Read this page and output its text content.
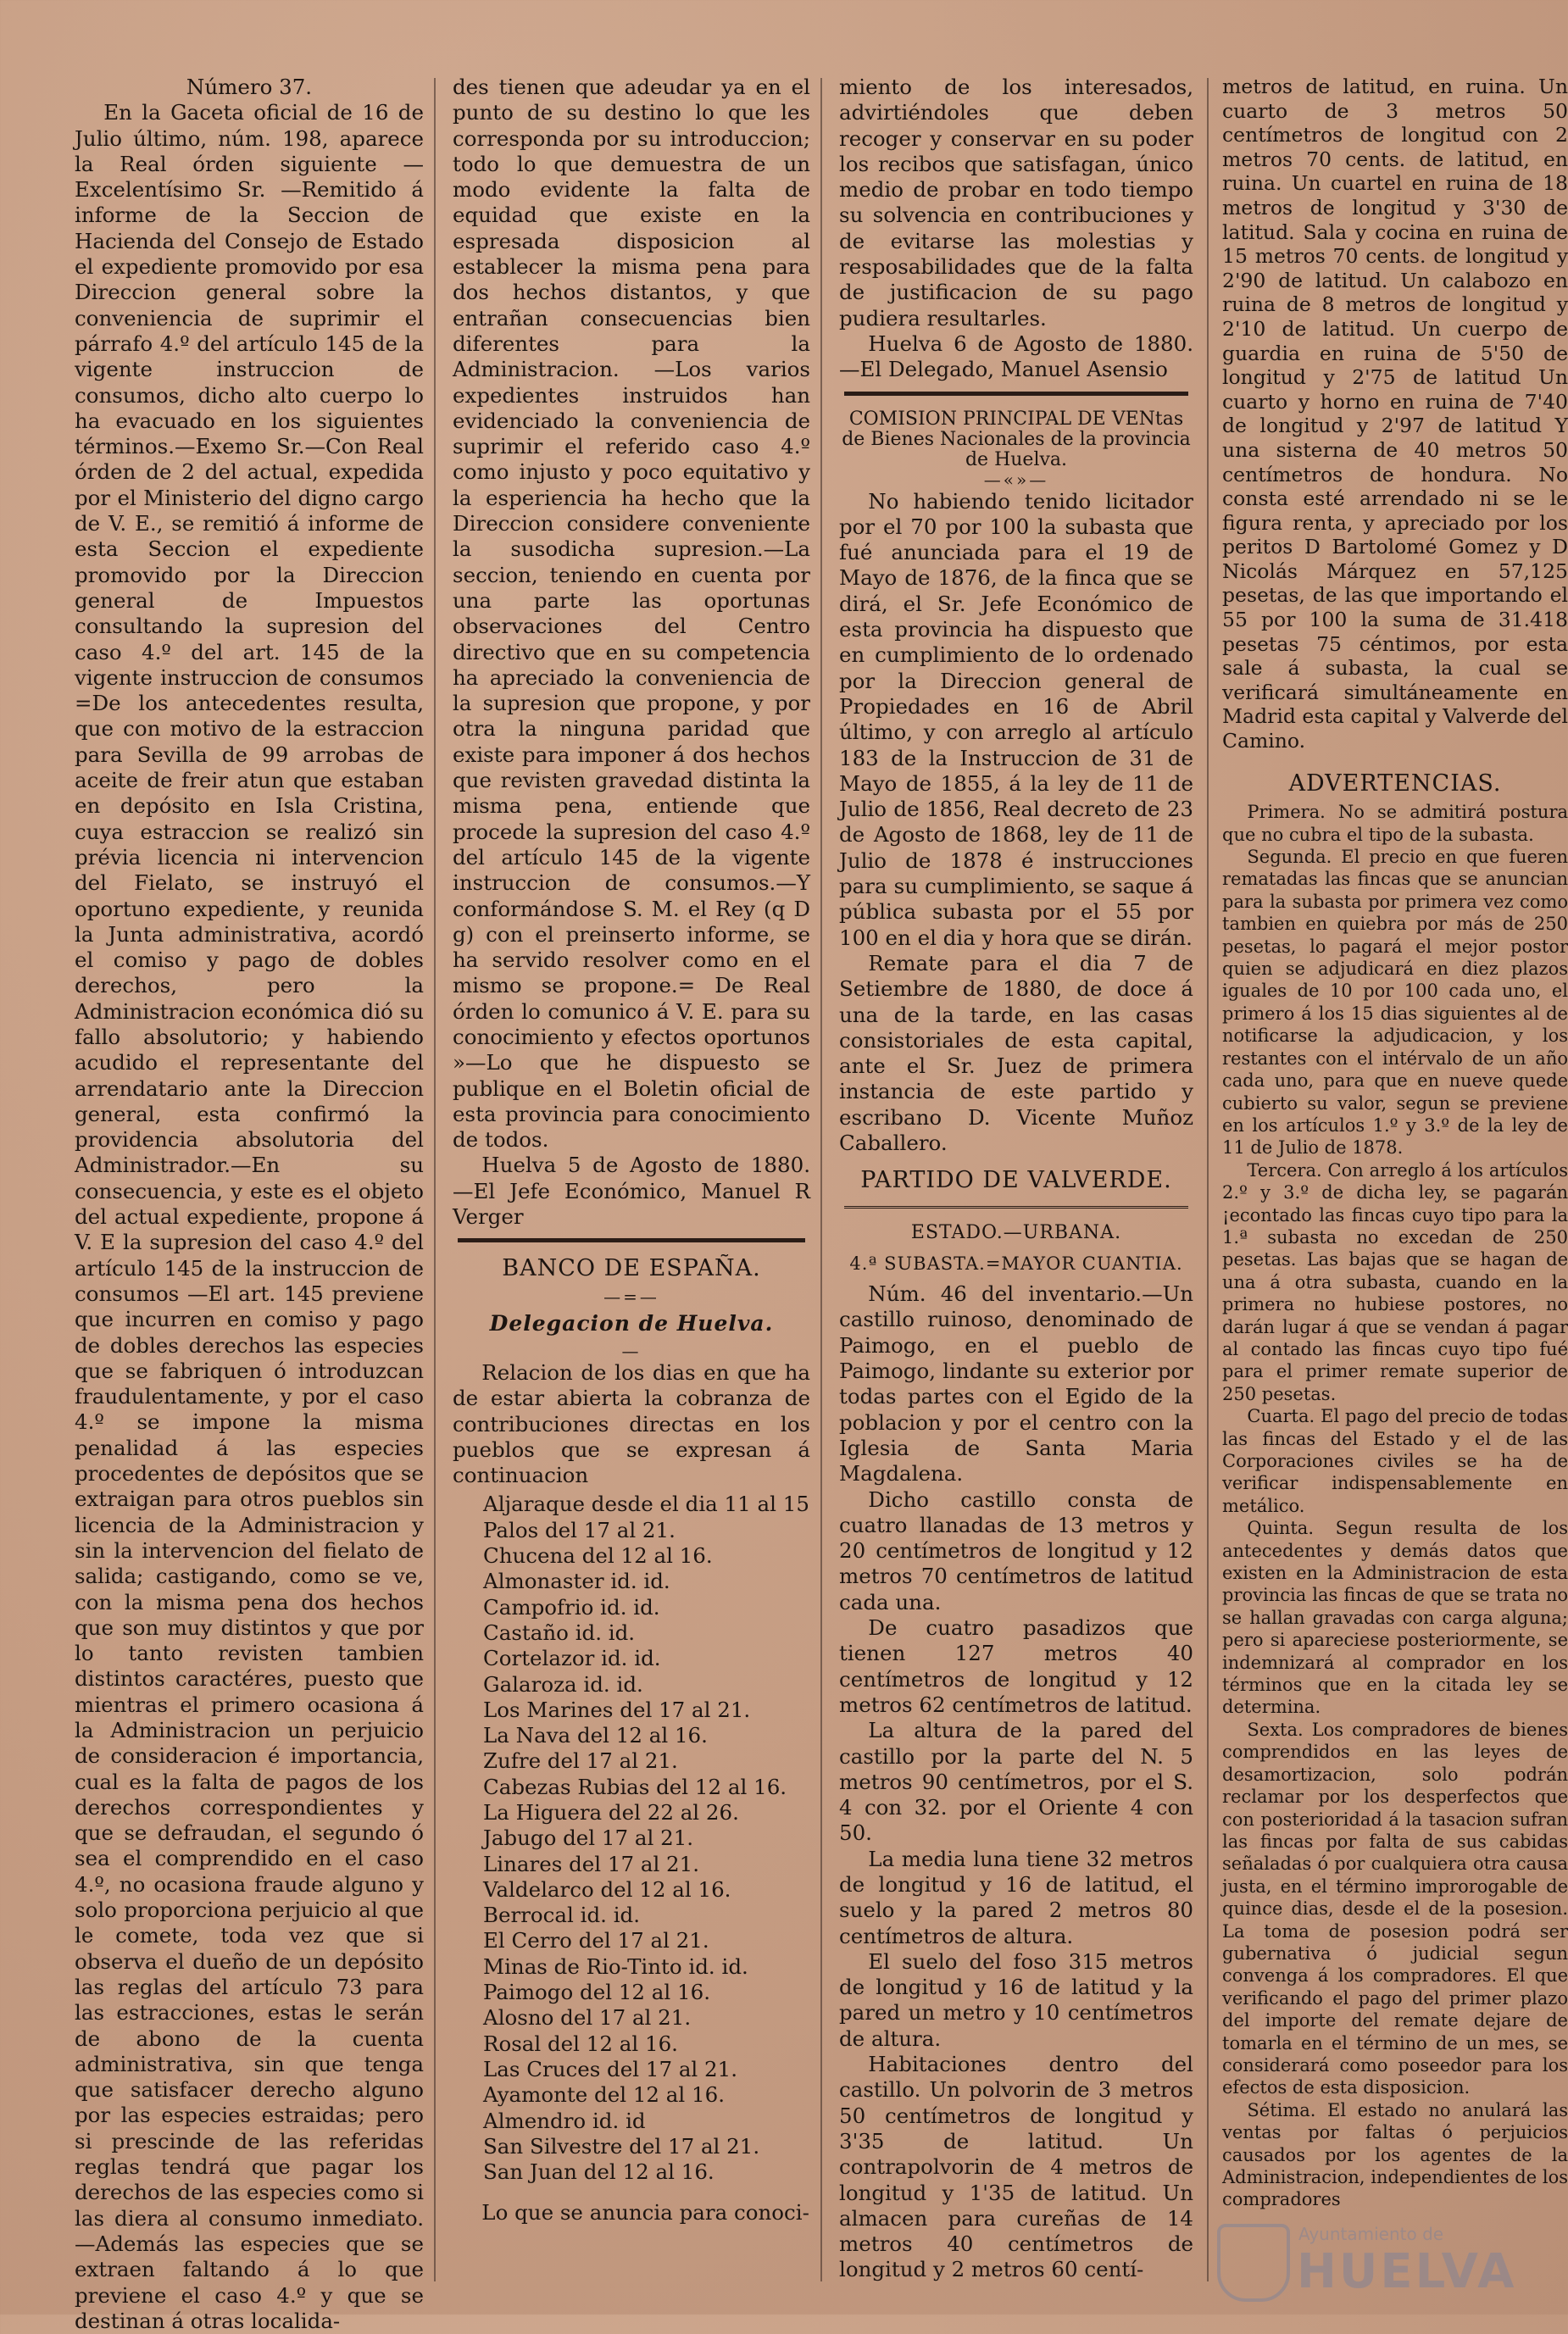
Número 37.

En la Gaceta oficial de 16 de Julio último, núm. 198, aparece la Real órden siguiente —Excelentísimo Sr. —Remitido á informe de la Seccion de Hacienda del Consejo de Estado el expediente promovido por esa Direccion general sobre la conveniencia de suprimir el párrafo 4.º del artículo 145 de la vigente instruccion de consumos, dicho alto cuerpo lo ha evacuado en los siguientes términos.—Exemo Sr.—Con Real órden de 2 del actual, expedida por el Ministerio del digno cargo de V. E., se remitió á informe de esta Seccion el expediente promovido por la Direccion general de Impuestos consultando la supresion del caso 4.º del art. 145 de la vigente instruccion de consumos =De los antecedentes resulta, que con motivo de la estraccion para Sevilla de 99 arrobas de aceite de freir atun que estaban en depósito en Isla Cristina, cuya estraccion se realizó sin prévia licencia ni intervencion del Fielato, se instruyó el oportuno expediente, y reunida la Junta administrativa, acordó el comiso y pago de dobles derechos, pero la Administracion económica dió su fallo absolutorio; y habiendo acudido el representante del arrendatario ante la Direccion general, esta confirmó la providencia absolutoria del Administrador.—En su consecuencia, y este es el objeto del actual expediente, propone á V. E la supresion del caso 4.º del artículo 145 de la instruccion de consumos —El art. 145 previene que incurren en comiso y pago de dobles derechos las especies que se fabriquen ó introduzcan fraudulentamente, y por el caso 4.º se impone la misma penalidad á las especies procedentes de depósitos que se extraigan para otros pueblos sin licencia de la Administracion y sin la intervencion del fielato de salida; castigando, como se ve, con la misma pena dos hechos que son muy distintos y que por lo tanto revisten tambien distintos caractéres, puesto que mientras el primero ocasiona á la Administracion un perjuicio de consideracion é importancia, cual es la falta de pagos de los derechos correspondientes y que se defraudan, el segundo ó sea el comprendido en el caso 4.º, no ocasiona fraude alguno y solo proporciona perjuicio al que le comete, toda vez que si observa el dueño de un depósito las reglas del artículo 73 para las estracciones, estas le serán de abono de la cuenta administrativa, sin que tenga que satisfacer derecho alguno por las especies estraidas; pero si prescinde de las referidas reglas tendrá que pagar los derechos de las especies como si las diera al consumo inmediato.—Además las especies que se extraen faltando á lo que previene el caso 4.º y que se destinan á otras localida-

des tienen que adeudar ya en el punto de su destino lo que les corresponda por su introduccion; todo lo que demuestra de un modo evidente la falta de equidad que existe en la espresada disposicion al establecer la misma pena para dos hechos distantos, y que entrañan consecuencias bien diferentes para la Administracion. —Los varios expedientes instruidos han evidenciado la conveniencia de suprimir el referido caso 4.º como injusto y poco equitativo y la esperiencia ha hecho que la Direccion considere conveniente la susodicha supresion.—La seccion, teniendo en cuenta por una parte las oportunas observaciones del Centro directivo que en su competencia ha apreciado la conveniencia de la supresion que propone, y por otra la ninguna paridad que existe para imponer á dos hechos que revisten gravedad distinta la misma pena, entiende que procede la supresion del caso 4.º del artículo 145 de la vigente instruccion de consumos.—Y conformándose S. M. el Rey (q D g) con el preinserto informe, se ha servido resolver como en el mismo se propone.= De Real órden lo comunico á V. E. para su conocimiento y efectos oportunos »—Lo que he dispuesto se publique en el Boletin oficial de esta provincia para conocimiento de todos.

Huelva 5 de Agosto de 1880. —El Jefe Económico, Manuel R Verger

BANCO DE ESPAÑA.

—=—

Delegacion de Huelva.

—

Relacion de los dias en que ha de estar abierta la cobranza de contribuciones directas en los pueblos que se expresan á continuacion

Aljaraque desde el dia 11 al 15
Palos del 17 al 21.
Chucena del 12 al 16.
Almonaster id. id.
Campofrio id. id.
Castaño id. id.
Cortelazor id. id.
Galaroza id. id.
Los Marines del 17 al 21.
La Nava del 12 al 16.
Zufre del 17 al 21.
Cabezas Rubias del 12 al 16.
La Higuera del 22 al 26.
Jabugo del 17 al 21.
Linares del 17 al 21.
Valdelarco del 12 al 16.
Berrocal id. id.
El Cerro del 17 al 21.
Minas de Rio-Tinto id. id.
Paimogo del 12 al 16.
Alosno del 17 al 21.
Rosal del 12 al 16.
Las Cruces del 17 al 21.
Ayamonte del 12 al 16.
Almendro id. id
San Silvestre del 17 al 21.
San Juan del 12 al 16.

Lo que se anuncia para conoci-

miento de los interesados, advirtiéndoles que deben recoger y conservar en su poder los recibos que satisfagan, único medio de probar en todo tiempo su solvencia en contribuciones y de evitarse las molestias y resposabilidades que de la falta de justificacion de su pago pudiera resultarles.

Huelva 6 de Agosto de 1880. —El Delegado, Manuel Asensio

COMISION PRINCIPAL DE VENtas de Bienes Nacionales de la provincia de Huelva.

—«»—

No habiendo tenido licitador por el 70 por 100 la subasta que fué anunciada para el 19 de Mayo de 1876, de la finca que se dirá, el Sr. Jefe Económico de esta provincia ha dispuesto que en cumplimiento de lo ordenado por la Direccion general de Propiedades en 16 de Abril último, y con arreglo al artículo 183 de la Instruccion de 31 de Mayo de 1855, á la ley de 11 de Julio de 1856, Real decreto de 23 de Agosto de 1868, ley de 11 de Julio de 1878 é instrucciones para su cumplimiento, se saque á pública subasta por el 55 por 100 en el dia y hora que se dirán.

Remate para el dia 7 de Setiembre de 1880, de doce á una de la tarde, en las casas consistoriales de esta capital, ante el Sr. Juez de primera instancia de este partido y escribano D. Vicente Muñoz Caballero.

PARTIDO DE VALVERDE.

ESTADO.—URBANA.

4.ª SUBASTA.=MAYOR CUANTIA.

Núm. 46 del inventario.—Un castillo ruinoso, denominado de Paimogo, en el pueblo de Paimogo, lindante su exterior por todas partes con el Egido de la poblacion y por el centro con la Iglesia de Santa Maria Magdalena.

Dicho castillo consta de cuatro llanadas de 13 metros y 20 centímetros de longitud y 12 metros 70 centímetros de latitud cada una.

De cuatro pasadizos que tienen 127 metros 40 centímetros de longitud y 12 metros 62 centímetros de latitud.

La altura de la pared del castillo por la parte del N. 5 metros 90 centímetros, por el S. 4 con 32. por el Oriente 4 con 50.

La media luna tiene 32 metros de longitud y 16 de latitud, el suelo y la pared 2 metros 80 centímetros de altura.

El suelo del foso 315 metros de longitud y 16 de latitud y la pared un metro y 10 centímetros de altura.

Habitaciones dentro del castillo. Un polvorin de 3 metros 50 centímetros de longitud y 3'35 de latitud. Un contrapolvorin de 4 metros de longitud y 1'35 de latitud. Un almacen para cureñas de 14 metros 40 centímetros de longitud y 2 metros 60 centí-

metros de latitud, en ruina. Un cuarto de 3 metros 50 centímetros de longitud con 2 metros 70 cents. de latitud, en ruina. Un cuartel en ruina de 18 metros de longitud y 3'30 de latitud. Sala y cocina en ruina de 15 metros 70 cents. de longitud y 2'90 de latitud. Un calabozo en ruina de 8 metros de longitud y 2'10 de latitud. Un cuerpo de guardia en ruina de 5'50 de longitud y 2'75 de latitud Un cuarto y horno en ruina de 7'40 de longitud y 2'97 de latitud Y una sisterna de 40 metros 50 centímetros de hondura. No consta esté arrendado ni se le figura renta, y apreciado por los peritos D Bartolomé Gomez y D Nicolás Márquez en 57,125 pesetas, de las que importando el 55 por 100 la suma de 31.418 pesetas 75 céntimos, por esta sale á subasta, la cual se verificará simultáneamente en Madrid esta capital y Valverde del Camino.

ADVERTENCIAS.

Primera. No se admitirá postura que no cubra el tipo de la subasta.

Segunda. El precio en que fueren rematadas las fincas que se anuncian para la subasta por primera vez como tambien en quiebra por más de 250 pesetas, lo pagará el mejor postor quien se adjudicará en diez plazos iguales de 10 por 100 cada uno, el primero á los 15 dias siguientes al de notificarse la adjudicacion, y los restantes con el intérvalo de un año cada uno, para que en nueve quede cubierto su valor, segun se previene en los artículos 1.º y 3.º de la ley de 11 de Julio de 1878.

Tercera. Con arreglo á los artículos 2.º y 3.º de dicha ley, se pagarán ¡econtado las fincas cuyo tipo para la 1.ª subasta no excedan de 250 pesetas. Las bajas que se hagan de una á otra subasta, cuando en la primera no hubiese postores, no darán lugar á que se vendan á pagar al contado las fincas cuyo tipo fué para el primer remate superior de 250 pesetas.

Cuarta. El pago del precio de todas las fincas del Estado y el de las Corporaciones civiles se ha de verificar indispensablemente en metálico.

Quinta. Segun resulta de los antecedentes y demás datos que existen en la Administracion de esta provincia las fincas de que se trata no se hallan gravadas con carga alguna; pero si apareciese posteriormente, se indemnizará al comprador en los términos que en la citada ley se determina.

Sexta. Los compradores de bienes comprendidos en las leyes de desamortizacion, solo podrán reclamar por los desperfectos que con posterioridad á la tasacion sufran las fincas por falta de sus cabidas señaladas ó por cualquiera otra causa justa, en el término improrogable de quince dias, desde el de la posesion. La toma de posesion podrá ser gubernativa ó judicial segun convenga á los compradores. El que verificando el pago del primer plazo del importe del remate dejare de tomarla en el término de un mes, se considerará como poseedor para los efectos de esta disposicion.

Sétima. El estado no anulará las ventas por faltas ó perjuicios causados por los agentes de la Administracion, independientes de los compradores

Ayuntamiento de
HUELVA
